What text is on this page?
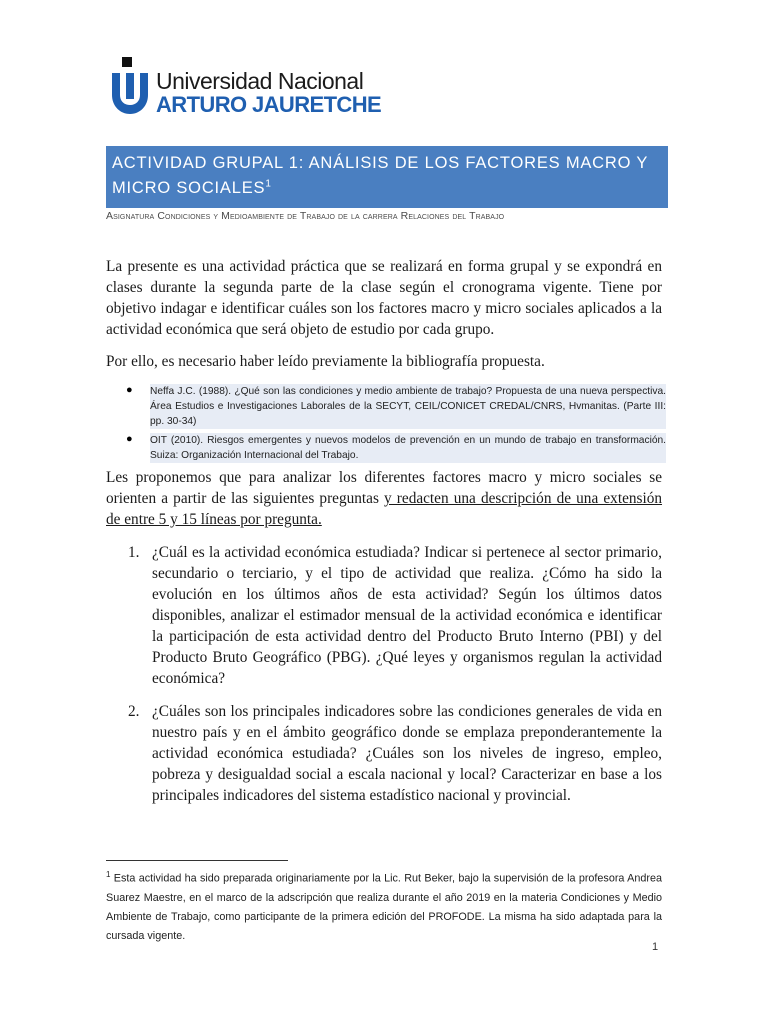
Universidad Nacional
ARTURO JAURETCHE
ACTIVIDAD GRUPAL 1: ANÁLISIS DE LOS FACTORES MACRO Y MICRO SOCIALES$^1$
Asignatura Condiciones y Medioambiente de Trabajo de la carrera Relaciones del Trabajo
La presente es una actividad práctica que se realizará en forma grupal y se expondrá en clases durante la segunda parte de la clase según el cronograma vigente. Tiene por objetivo indagar e identificar cuáles son los factores macro y micro sociales aplicados a la actividad económica que será objeto de estudio por cada grupo.
Por ello, es necesario haber leído previamente la bibliografía propuesta.
● Neffa J.C. (1988). ¿Qué son las condiciones y medio ambiente de trabajo? Propuesta de una nueva perspectiva. Área Estudios e Investigaciones Laborales de la SECYT, CEIL/CONICET CREDAL/CNRS, Hvmanitas. (Parte III: pp. 30-34)
● OIT (2010). Riesgos emergentes y nuevos modelos de prevención en un mundo de trabajo en transformación. Suiza: Organización Internacional del Trabajo.
Les proponemos que para analizar los diferentes factores macro y micro sociales se orienten a partir de las siguientes preguntas y redacten una descripción de una extensión de entre 5 y 15 líneas por pregunta.
1. ¿Cuál es la actividad económica estudiada? Indicar si pertenece al sector primario, secundario o terciario, y el tipo de actividad que realiza. ¿Cómo ha sido la evolución en los últimos años de esta actividad? Según los últimos datos disponibles, analizar el estimador mensual de la actividad económica e identificar la participación de esta actividad dentro del Producto Bruto Interno (PBI) y del Producto Bruto Geográfico (PBG). ¿Qué leyes y organismos regulan la actividad económica?
2. ¿Cuáles son los principales indicadores sobre las condiciones generales de vida en nuestro país y en el ámbito geográfico donde se emplaza preponderantemente la actividad económica estudiada? ¿Cuáles son los niveles de ingreso, empleo, pobreza y desigualdad social a escala nacional y local? Caracterizar en base a los principales indicadores del sistema estadístico nacional y provincial.
$^1$ Esta actividad ha sido preparada originariamente por la Lic. Rut Beker, bajo la supervisión de la profesora Andrea Suarez Maestre, en el marco de la adscripción que realiza durante el año 2019 en la materia Condiciones y Medio Ambiente de Trabajo, como participante de la primera edición del PROFODE. La misma ha sido adaptada para la cursada vigente.
1
